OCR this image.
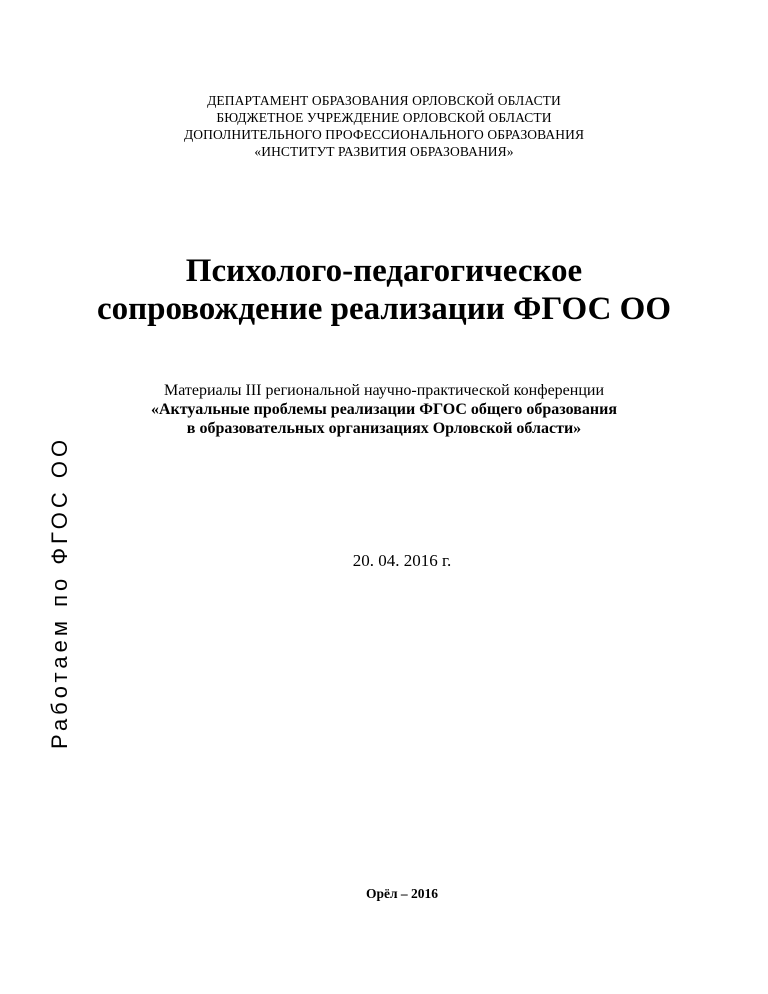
ДЕПАРТАМЕНТ ОБРАЗОВАНИЯ ОРЛОВСКОЙ ОБЛАСТИ
БЮДЖЕТНОЕ УЧРЕЖДЕНИЕ ОРЛОВСКОЙ ОБЛАСТИ
ДОПОЛНИТЕЛЬНОГО ПРОФЕССИОНАЛЬНОГО ОБРАЗОВАНИЯ
«ИНСТИТУТ РАЗВИТИЯ ОБРАЗОВАНИЯ»
Психолого-педагогическое
сопровождение реализации ФГОС ОО
Материалы III региональной научно-практической конференции
«Актуальные проблемы реализации ФГОС общего образования
в образовательных организациях Орловской области»
20. 04. 2016 г.
Орёл – 2016
Работаем по ФГОС ОО
